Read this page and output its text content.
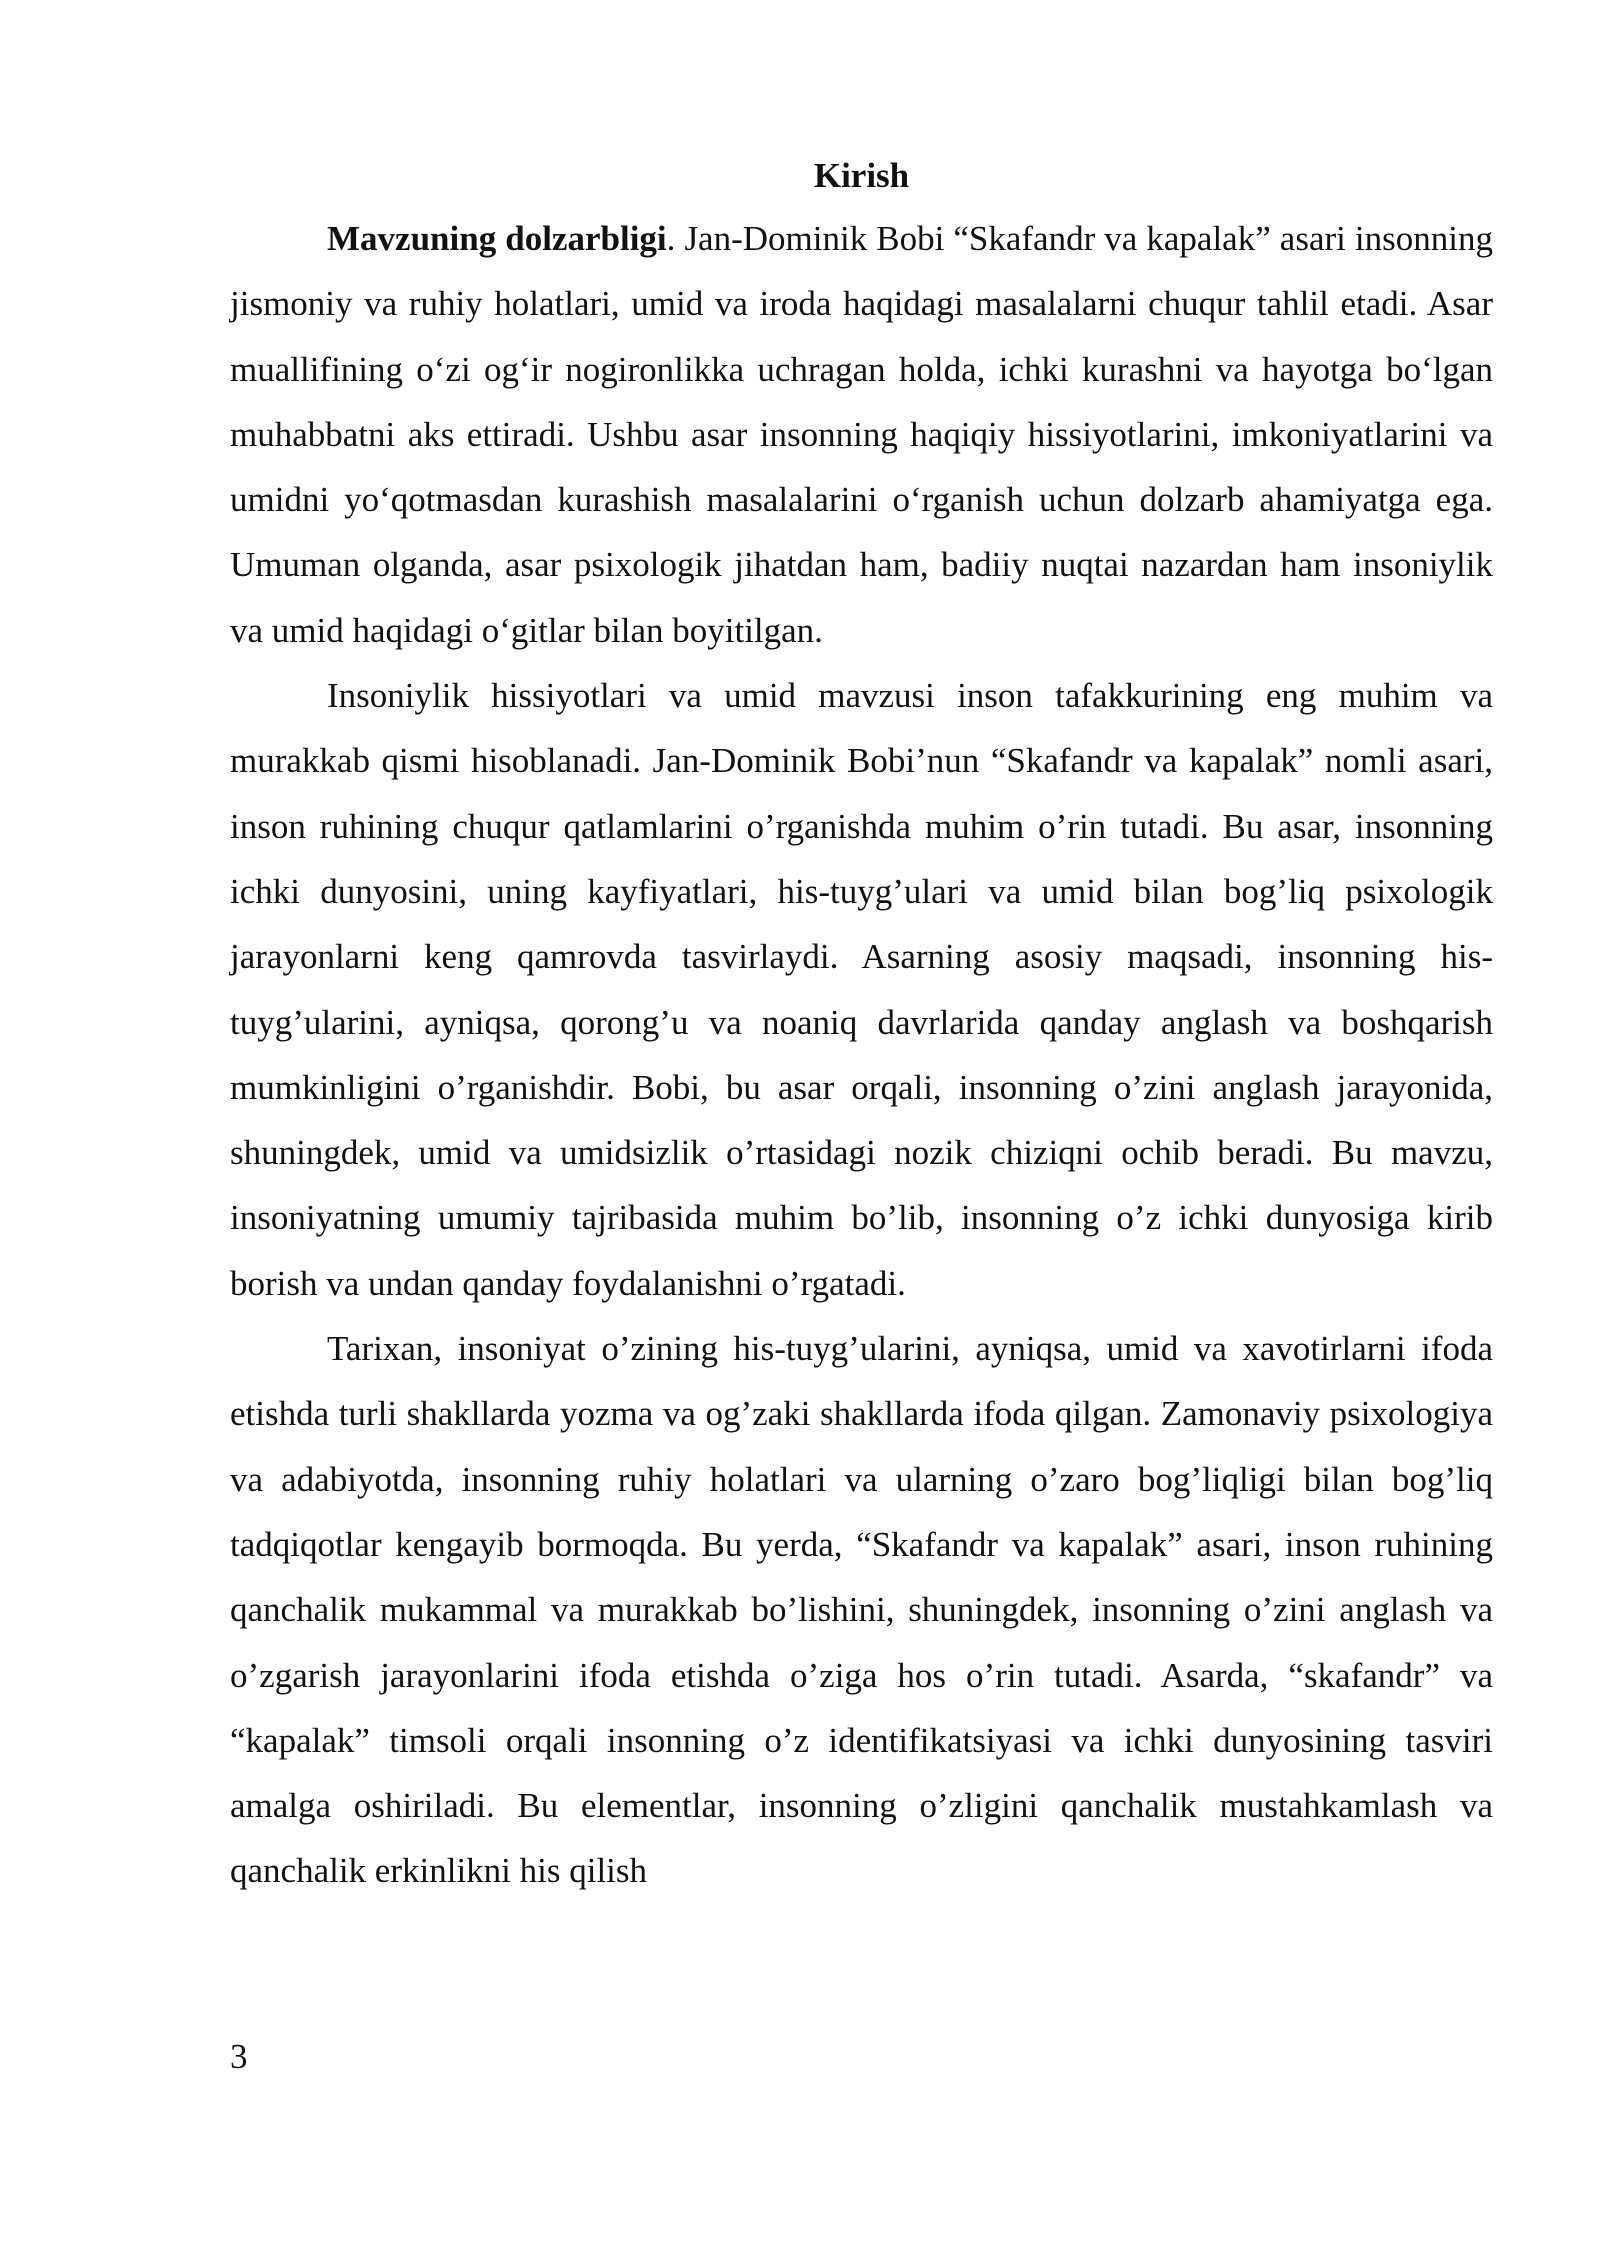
Kirish

Mavzuning dolzarbligi. Jan-Dominik Bobi “Skafandr va kapalak” asari insonning jismoniy va ruhiy holatlari, umid va iroda haqidagi masalalarni chuqur tahlil etadi. Asar muallifining o‘zi og‘ir nogironlikka uchragan holda, ichki kurashni va hayotga bo‘lgan muhabbatni aks ettiradi. Ushbu asar insonning haqiqiy hissiyotlarini, imkoniyatlarini va umidni yo‘qotmasdan kurashish masalalarini o‘rganish uchun dolzarb ahamiyatga ega. Umuman olganda, asar psixologik jihatdan ham, badiiy nuqtai nazardan ham insoniylik va umid haqidagi o‘gitlar bilan boyitilgan.

Insoniylik hissiyotlari va umid mavzusi inson tafakkurining eng muhim va murakkab qismi hisoblanadi. Jan-Dominik Bobi’nun “Skafandr va kapalak” nomli asari, inson ruhining chuqur qatlamlarini o’rganishda muhim o’rin tutadi. Bu asar, insonning ichki dunyosini, uning kayfiyatlari, his-tuyg’ulari va umid bilan bog’liq psixologik jarayonlarni keng qamrovda tasvirlaydi. Asarning asosiy maqsadi, insonning his-tuyg’ularini, ayniqsa, qorong’u va noaniq davrlarida qanday anglash va boshqarish mumkinligini o’rganishdir. Bobi, bu asar orqali, insonning o’zini anglash jarayonida, shuningdek, umid va umidsizlik o’rtasidagi nozik chiziqni ochib beradi. Bu mavzu, insoniyatning umumiy tajribasida muhim bo’lib, insonning o’z ichki dunyosiga kirib borish va undan qanday foydalanishni o’rgatadi.

Tarixan, insoniyat o’zining his-tuyg’ularini, ayniqsa, umid va xavotirlarni ifoda etishda turli shakllarda yozma va og’zaki shakllarda ifoda qilgan. Zamonaviy psixologiya va adabiyotda, insonning ruhiy holatlari va ularning o’zaro bog’liqligi bilan bog’liq tadqiqotlar kengayib bormoqda. Bu yerda, “Skafandr va kapalak” asari, inson ruhining qanchalik mukammal va murakkab bo’lishini, shuningdek, insonning o’zini anglash va o’zgarish jarayonlarini ifoda etishda o’ziga hos o’rin tutadi. Asarda, “skafandr” va “kapalak” timsoli orqali insonning o’z identifikatsiyasi va ichki dunyosining tasviri amalga oshiriladi. Bu elementlar, insonning o’zligini qanchalik mustahkamlash va qanchalik erkinlikni his qilish

3
